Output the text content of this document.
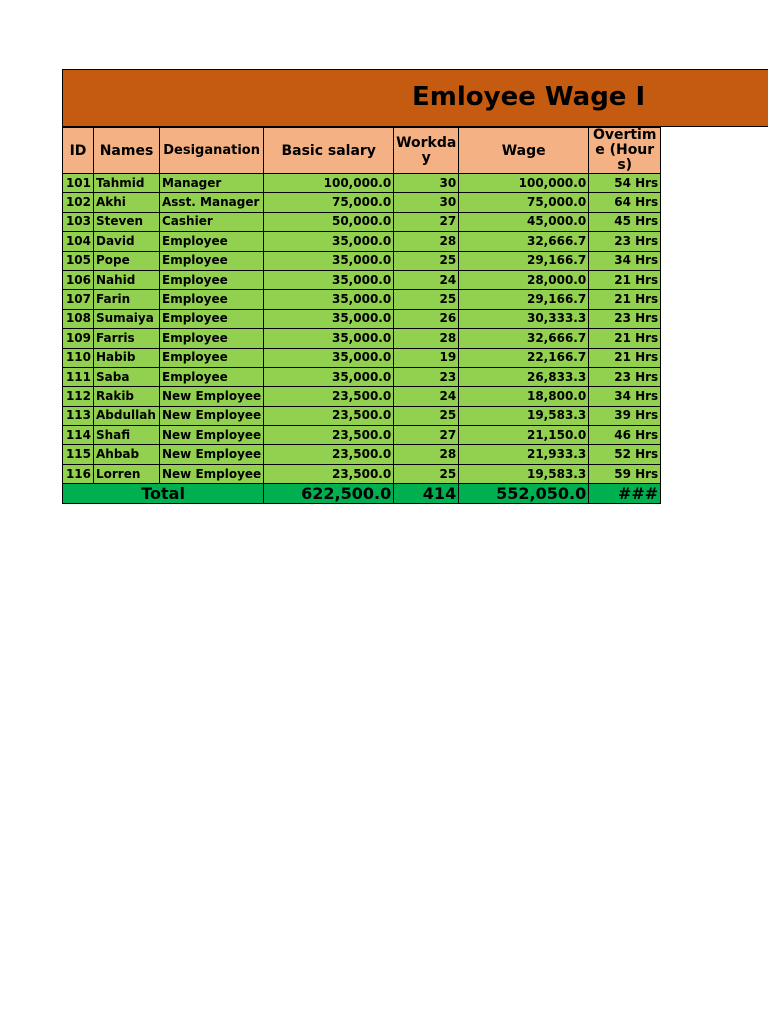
Emloyee Wage I
ID	Names	Desiganation	Basic salary	Workday	Wage	Overtime (Hours)
101	Tahmid	Manager	100,000.0	30	100,000.0	54 Hrs
102	Akhi	Asst. Manager	75,000.0	30	75,000.0	64 Hrs
103	Steven	Cashier	50,000.0	27	45,000.0	45 Hrs
104	David	Employee	35,000.0	28	32,666.7	23 Hrs
105	Pope	Employee	35,000.0	25	29,166.7	34 Hrs
106	Nahid	Employee	35,000.0	24	28,000.0	21 Hrs
107	Farin	Employee	35,000.0	25	29,166.7	21 Hrs
108	Sumaiya	Employee	35,000.0	26	30,333.3	23 Hrs
109	Farris	Employee	35,000.0	28	32,666.7	21 Hrs
110	Habib	Employee	35,000.0	19	22,166.7	21 Hrs
111	Saba	Employee	35,000.0	23	26,833.3	23 Hrs
112	Rakib	New Employee	23,500.0	24	18,800.0	34 Hrs
113	Abdullah	New Employee	23,500.0	25	19,583.3	39 Hrs
114	Shafi	New Employee	23,500.0	27	21,150.0	46 Hrs
115	Ahbab	New Employee	23,500.0	28	21,933.3	52 Hrs
116	Lorren	New Employee	23,500.0	25	19,583.3	59 Hrs
Total			622,500.0	414	552,050.0	###
